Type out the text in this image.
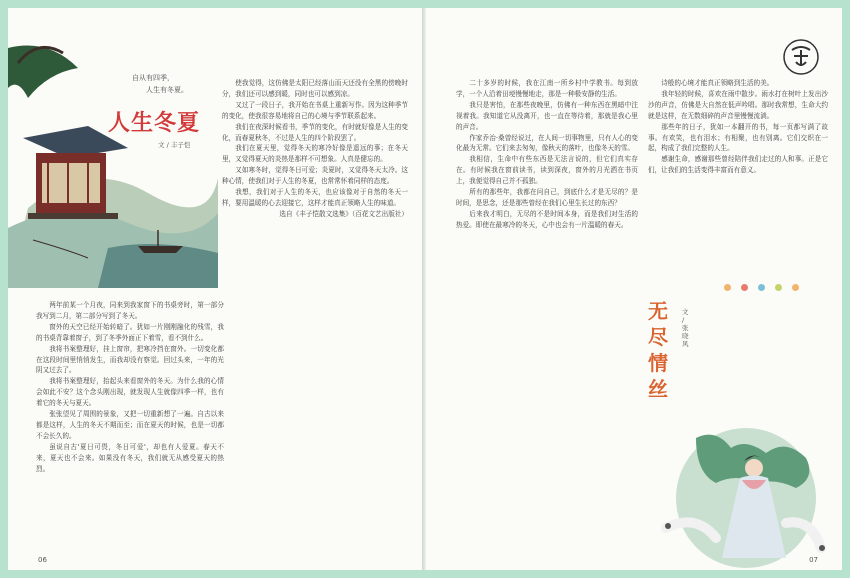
自从有四季，
人生有冬夏。
人生冬夏
文 / 丰子恺

两年前某一个月夜，同来到我家窗下的书桌旁时，第一部分我写到二月，第二部分写到了冬天。

窗外的天空已经开始转暗了。犹如一片刚刚融化的残雪，我的书桌背靠着窗子，到了冬季外面正下着雪，看不到什么。

我将书案整理好，挂上窗帘，把寒冷挡在窗外。一切变化都在这段时间里悄悄发生，而我却没有察觉。回过头来，一年的光阴又过去了。

我将书案整理好，抬起头来看窗外的冬天。为什么我的心情会如此不安？这个念头刚出现，就发现人生就像四季一样，也有着它的冬天与夏天。

张张望见了周围的景象，又把一切重新想了一遍。自古以来都是这样，人生的冬天不期而至；而在夏天的时候，也是一切都不会长久的。

虽说自古'夏日可畏，冬日可爱'，却也有人爱夏。春天不来，夏天也不会来。如果没有冬天，我们就无从感受夏天的热烈。

使我觉得，这仿佛是太阳已经落山而天还没有全黑的傍晚时分，我们还可以感到暖，同时也可以感到凉。

又过了一段日子，我开始在书桌上重新写作。因为这种季节的变化，使我很容易地将自己的心境与季节联系起来。

我们在夜深时候看书，季节的变化，有时就好像是人生的变化，而春夏秋冬，不过是人生的四个阶段罢了。

我们在夏天里，觉得冬天的寒冷好像是遥远的事；在冬天里，又觉得夏天的炎热是那样不可想象。人真是健忘的。

又如寒冬时，觉得冬日可爱；炎夏时，又觉得冬天太冷。这种心情，使我们对于人生的冬夏，也常常怀着同样的态度。

我想，我们对于人生的冬天，也应该像对于自然的冬天一样，要用温暖的心去迎接它，这样才能真正领略人生的味道。

选自《丰子恺散文选集》（百花文艺出版社）

06

二十多岁的时候，我在江南一所乡村中学教书。每到放学，一个人沿着田埂慢慢地走，那是一种极安静的生活。

我只是害怕，在那些夜晚里，仿佛有一种东西在黑暗中注视着我。我知道它从没离开，也一直在等待着，那就是我心里的声音。

作家乔治·桑曾经说过，在人间一切事物里，只有人心的变化最为无常。它们来去匆匆，像秋天的落叶，也像冬天的雪。

我相信，生命中有些东西是无法言说的，但它们真实存在。有时候我在窗前读书，读到深夜，窗外的月光洒在书页上，我便觉得自己并不孤独。

所有的那些年，我都在问自己，到底什么才是无尽的？是时间，是思念，还是那些曾经在我们心里生长过的东西？

后来我才明白，无尽的不是时间本身，而是我们对生活的热爱。即使在最寒冷的冬天，心中也会有一片温暖的春天。

诗般的心境才能真正领略到生活的美。

我年轻的时候，喜欢在雨中散步。雨水打在树叶上发出沙沙的声音，仿佛是大自然在低声吟唱。那时我常想，生命大约就是这样，在无数细碎的声音里慢慢流淌。

那些年的日子，犹如一本翻开的书，每一页都写满了故事。有欢笑，也有泪水；有相聚，也有别离。它们交织在一起，构成了我们完整的人生。

感谢生命，感谢那些曾经陪伴我们走过的人和事。正是它们，让我们的生活变得丰富而有意义。

无尽情丝
文 / 张晓风
07
